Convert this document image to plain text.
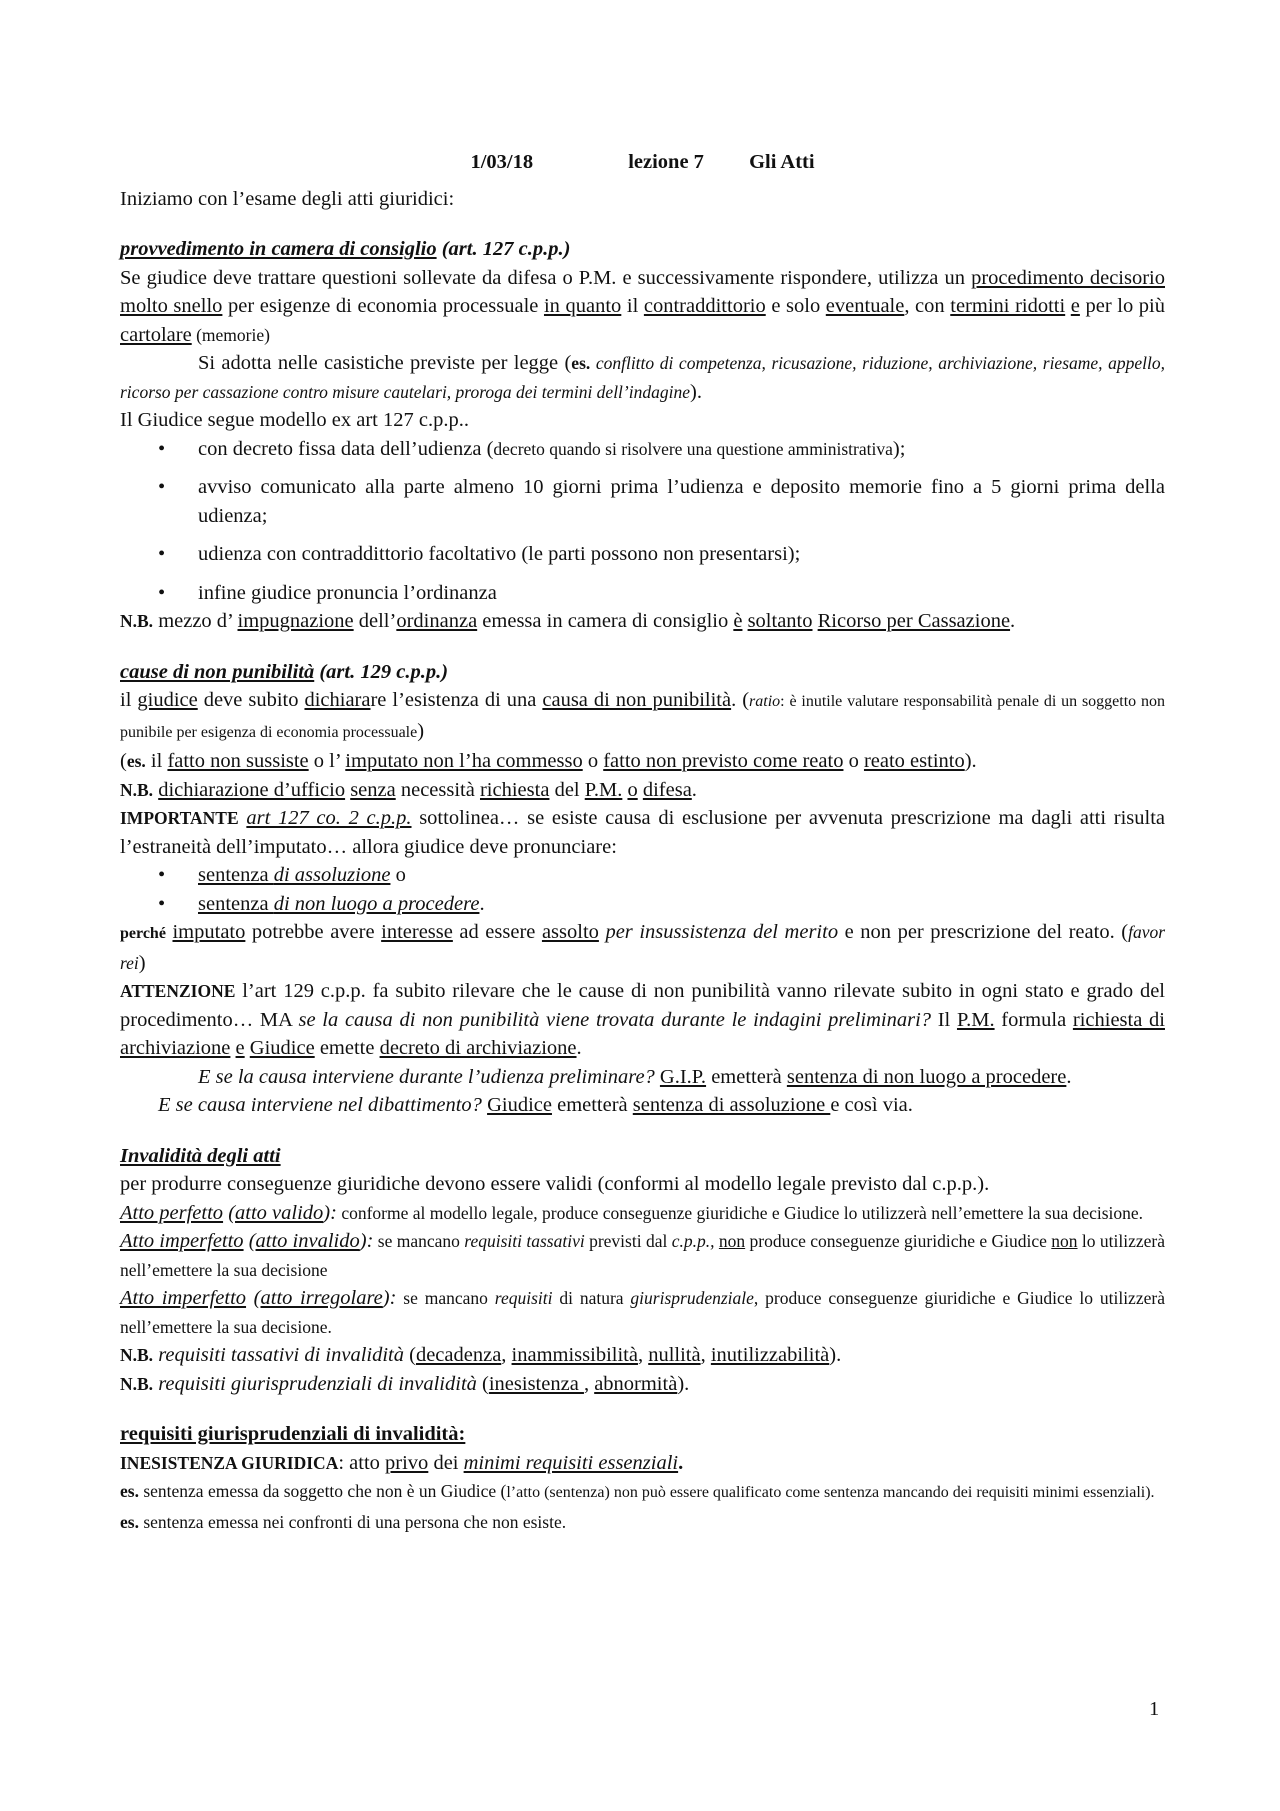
1/03/18	lezione 7 Gli Atti

Iniziamo con l’esame degli atti giuridici:

provvedimento in camera di consiglio (art. 127 c.p.p.)

Se giudice deve trattare questioni sollevate da difesa o P.M. e successivamente rispondere, utilizza un procedimento decisorio molto snello per esigenze di economia processuale in quanto il contraddittorio e solo eventuale, con termini ridotti e per lo più cartolare (memorie)

Si adotta nelle casistiche previste per legge (es. conflitto di competenza, ricusazione, riduzione, archiviazione, riesame, appello, ricorso per cassazione contro misure cautelari, proroga dei termini dell’indagine).

Il Giudice segue modello ex art 127 c.p.p..

• con decreto fissa data dell’udienza (decreto quando si risolvere una questione amministrativa);
• avviso comunicato alla parte almeno 10 giorni prima l’udienza e deposito memorie fino a 5 giorni prima della udienza;
• udienza con contraddittorio facoltativo (le parti possono non presentarsi);
• infine giudice pronuncia l’ordinanza

N.B. mezzo d’ impugnazione dell’ordinanza emessa in camera di consiglio è soltanto Ricorso per Cassazione.

cause di non punibilità (art. 129 c.p.p.)

il giudice deve subito dichiarare l’esistenza di una causa di non punibilità. (ratio: è inutile valutare responsabilità penale di un soggetto non punibile per esigenza di economia processuale)

(es. il fatto non sussiste o l’ imputato non l’ha commesso o fatto non previsto come reato o reato estinto).

N.B. dichiarazione d’ufficio senza necessità richiesta del P.M. o difesa.

IMPORTANTE art 127 co. 2 c.p.p. sottolinea… se esiste causa di esclusione per avvenuta prescrizione ma dagli atti risulta l’estraneità dell’imputato… allora giudice deve pronunciare:

• sentenza di assoluzione o
• sentenza di non luogo a procedere.

perché imputato potrebbe avere interesse ad essere assolto per insussistenza del merito e non per prescrizione del reato. (favor rei)

ATTENZIONE l’art 129 c.p.p. fa subito rilevare che le cause di non punibilità vanno rilevate subito in ogni stato e grado del procedimento… MA se la causa di non punibilità viene trovata durante le indagini preliminari? Il P.M. formula richiesta di archiviazione e Giudice emette decreto di archiviazione.

E se la causa interviene durante l’udienza preliminare? G.I.P. emetterà sentenza di non luogo a procedere.

E se causa interviene nel dibattimento? Giudice emetterà sentenza di assoluzione e così via.

Invalidità degli atti

per produrre conseguenze giuridiche devono essere validi (conformi al modello legale previsto dal c.p.p.).

Atto perfetto (atto valido): conforme al modello legale, produce conseguenze giuridiche e Giudice lo utilizzerà nell’emettere la sua decisione.

Atto imperfetto (atto invalido): se mancano requisiti tassativi previsti dal c.p.p., non produce conseguenze giuridiche e Giudice non lo utilizzerà nell’emettere la sua decisione

Atto imperfetto (atto irregolare): se mancano requisiti di natura giurisprudenziale, produce conseguenze giuridiche e Giudice lo utilizzerà nell’emettere la sua decisione.

N.B. requisiti tassativi di invalidità (decadenza, inammissibilità, nullità, inutilizzabilità).

N.B. requisiti giurisprudenziali di invalidità (inesistenza , abnormità).

requisiti giurisprudenziali di invalidità:

INESISTENZA GIURIDICA: atto privo dei minimi requisiti essenziali.

es. sentenza emessa da soggetto che non è un Giudice (l’atto (sentenza) non può essere qualificato come sentenza mancando dei requisiti minimi essenziali).

es. sentenza emessa nei confronti di una persona che non esiste.

1
